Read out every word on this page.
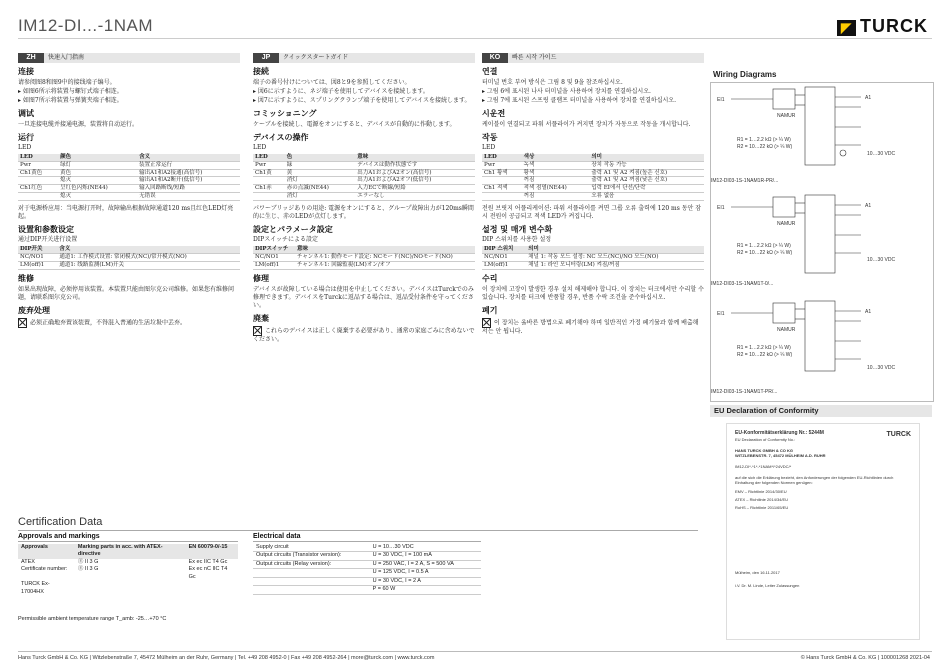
IM12-DI...-1NAM	◤ TURCK
ZH	快速入门指南
连接
请参阅图8和图9中的接线端子编号。
▸ 如图6所示将装置与螺钉式端子相连。
▸ 如图7所示将装置与弹簧夹端子相连。
调试
一旦连接电缆并接通电源，装置将自动运行。
运行
LED
LED	颜色	含义
Pwr	绿灯	装置正常运行
Ch1黄色	黄色	输出A1和A2接通(高信号)
	熄灭	输出A1和A2断开(低信号)
Ch1红色	呈红色闪烁(NE44)	输入回路断线/短路
	熄灭	无错误
对于电源桥应用：当电源打开时，故障输出根据故障通道120 ms且红色LED灯亮起。
设置和参数设定
通过DIP开关进行设置
DIP开关	含义
NC/NO1	通道1: 工作模式设置: 常闭模式(NC)/常开模式(NO)
LM(off)1	通道1: 线路监测(LM)开关
维修
如果出现故障，必须停用该装置。本装置只能由图尔克公司维修。如果您有维修问题，请联系图尔克公司。
废弃处理
必须正确地弃置该装置，不得混入普通的生活垃圾中丢弃。
JP	クイックスタートガイド
接続
端子の番号付けについては、図8と9を参照してください。
▸ 図6に示すように、ネジ端子を使用してデバイスを接続します。
▸ 図7に示すように、スプリングクランプ端子を使用してデバイスを接続します。
コミッショニング
ケーブルを接続し、電源をオンにすると、デバイスが自動的に作動します。
デバイスの操作
LED
LED	色	意味
Pwr	緑	デバイスは動作状態です
Ch1黄	黄	出力A1およびA2オン(高信号)
	消灯	出力A1およびA2オフ(低信号)
Ch1赤	赤の点滅(NE44)	入力ECで断線/短絡
	消灯	エラーなし
パワーブリッジありの用途: 電源をオンにすると、グループ故障出力が120ms瞬間的に生じ、赤のLEDが点灯します。
設定とパラメータ設定
DIPスイッチによる設定
DIPスイッチ	意味
NC/NO1	チャンネル1: 動作モード設定: NCモード(NC)/NOモード(NO)
LM(off)1	チャンネル1: 回線監視(LM)オン/オフ
修理
デバイスが故障している場合は使用を中止してください。デバイスはTurckでのみ修理できます。デバイスをTurckに返品する場合は、返品受付条件を守ってください。
廃棄
これらのデバイスは正しく廃棄する必要があり、通常の家庭ごみに含めないでください。
KO	빠른 시작 가이드
연결
터미널 번호 부여 방식은 그림 8 및 9을 참조하십시오.
▸ 그림 6에 표시된 나사 터미널을 사용하여 장치를 연결하십시오.
▸ 그림 7에 표시된 스프링 클램프 터미널을 사용하여 장치를 연결하십시오.
시운전
케이블이 연결되고 파워 서플라이가 켜지면 장치가 자동으로 작동을 개시합니다.
작동
LED
LED	색상	의미
Pwr	녹색	장치 작동 가능
Ch1 황색	황색	출력 A1 및 A2 켜짐(높은 신호)
	꺼짐	출력 A1 및 A2 꺼짐(낮은 신호)
Ch1 적색	적색 점멸(NE44)	입력 EI에서 단선/단락
	꺼짐	오류 없음
전원 브릿지 어플리케이션: 파워 서플라이를 켜면 그룹 오류 출력에 120 ms 동안 잠시 전원이 공급되고 적색 LED가 켜집니다.
설정 및 매개 변수화
DIP 스위치를 사용한 설정
DIP 스위치	의미
NC/NO1	채널 1: 작동 모드 설정: NC 모드(NC)/NO 모드(NO)
LM(off)1	채널 1: 라인 모니터링(LM) 켜짐/꺼짐
수리
이 장치에 고장이 발생한 경우 설치 해제해야 합니다. 이 장치는 터크에서만 수리할 수 있습니다. 장치를 터크에 반품할 경우, 반품 수락 조건을 준수하십시오.
폐기
이 장치는 올바른 방법으로 폐기해야 하며 일반적인 가정 폐기물과 함께 배출해서는 안 됩니다.
Wiring Diagrams
EI1
NAMUR
A1
R1 = 1…2.2 kΩ (> ¼ W)
R2 = 10…22 kΩ (> ¼ W)
10…30 VDC
IM12-DI03-1S-1NAM1R-PR/...
EI1
NAMUR
A1
R1 = 1…2.2 kΩ (> ¼ W)
R2 = 10…22 kΩ (> ¼ W)
10…30 VDC
IM12-DI03-1S-1NAM1T-0/...
EI1
NAMUR
A1
R1 = 1…2.2 kΩ (> ¼ W)
R2 = 10…22 kΩ (> ¼ W)
10…30 VDC
IM12-DI03-1S-1NAM1T-PR/...
EU Declaration of Conformity
EU-Konformitätserklärung Nr.: 5244M
EU Declaration of Conformity No.:
TURCK
HANS TURCK GMBH & CO KG
WITZLEBENSTR. 7, 45472 MÜLHEIM A.D. RUHR
IM12-DI*-*1*-*1NAM*/*24VDC/*
auf die sich die Erklärung bezieht, den Anforderungen der folgenden EU-Richtlinien durch Einhaltung der folgenden Normen genügen:
EMV – Richtlinie 2014/30/EU
ATEX – Richtlinie 2014/34/EU
RoHS – Richtlinie 2011/65/EU
Mülheim, den 16.11.2017
i.V. Dr. M. Linde, Leiter Zulassungen
Certification Data
Approvals and markings
Approvals	Marking parts in acc. with ATEX-directive	EN 60079-0/-15
ATEX	Ⓔ II 3 G	Ex ec IIC T4 Gc
Certificate number:	Ⓔ II 3 G	Ex ec nC IIC T4 Gc
TURCK Ex-17004HX		
Permissible ambient temperature range T_amb: -25…+70 °C
Electrical data
Supply circuit	U = 10…30 VDC
Output circuits (Transistor version):	U = 30 VDC, I = 100 mA
Output circuits (Relay version):	U = 250 VAC, I = 2 A, S = 500 VA
	U = 125 VDC, I = 0.5 A
	U = 30 VDC, I = 2 A
	P = 60 W
Hans Turck GmbH & Co. KG | Witzlebenstraße 7, 45472 Mülheim an der Ruhr, Germany | Tel. +49 208 4952-0 | Fax +49 208 4952-264 | more@turck.com | www.turck.com	© Hans Turck GmbH & Co. KG | 100001268 2021-04
